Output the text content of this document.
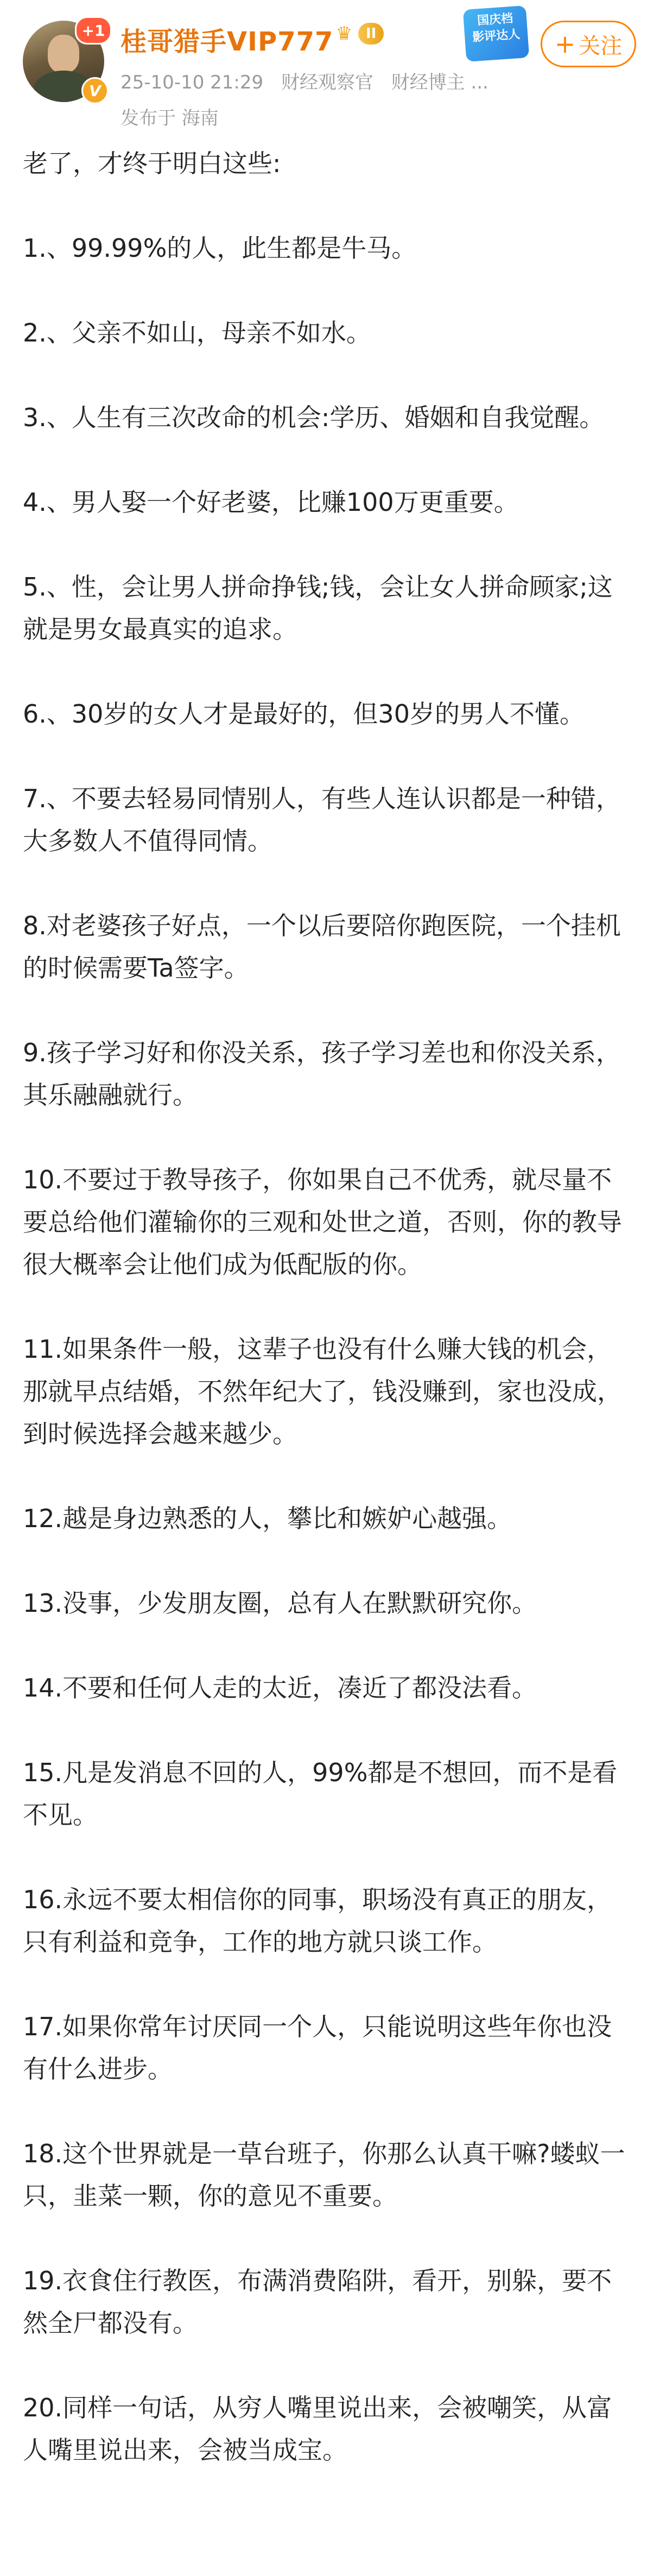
+1
V
桂哥猎手VIP777 ♛ II
国庆档
影评达人	+ 关注
25-10-10 21:29 财经观察官 财经博主 ...
发布于 海南

老了，才终于明白这些:

1.、99.99%的人，此生都是牛马。

2.、父亲不如山，母亲不如水。

3.、人生有三次改命的机会:学历、婚姻和自我觉醒。

4.、男人娶一个好老婆，比赚100万更重要。

5.、性，会让男人拼命挣钱;钱，会让女人拼命顾家;这就是男女最真实的追求。

6.、30岁的女人才是最好的，但30岁的男人不懂。

7.、不要去轻易同情别人，有些人连认识都是一种错，大多数人不值得同情。

8.对老婆孩子好点，一个以后要陪你跑医院，一个挂机的时候需要Ta签字。

9.孩子学习好和你没关系，孩子学习差也和你没关系，其乐融融就行。

10.不要过于教导孩子，你如果自己不优秀，就尽量不要总给他们灌输你的三观和处世之道，否则，你的教导很大概率会让他们成为低配版的你。

11.如果条件一般，这辈子也没有什么赚大钱的机会，那就早点结婚，不然年纪大了，钱没赚到，家也没成，到时候选择会越来越少。

12.越是身边熟悉的人，攀比和嫉妒心越强。

13.没事，少发朋友圈，总有人在默默研究你。

14.不要和任何人走的太近，凑近了都没法看。

15.凡是发消息不回的人，99%都是不想回，而不是看不见。

16.永远不要太相信你的同事，职场没有真正的朋友，只有利益和竞争，工作的地方就只谈工作。

17.如果你常年讨厌同一个人，只能说明这些年你也没有什么进步。

18.这个世界就是一草台班子，你那么认真干嘛?蝼蚁一只，韭菜一颗，你的意见不重要。

19.衣食住行教医，布满消费陷阱，看开，别躲，要不然全尸都没有。

20.同样一句话，从穷人嘴里说出来，会被嘲笑，从富人嘴里说出来，会被当成宝。
